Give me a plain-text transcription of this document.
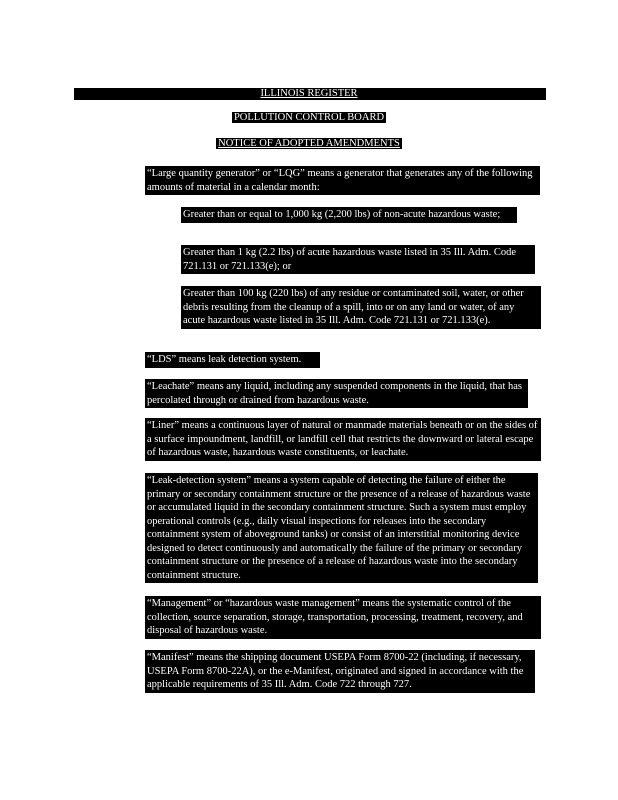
ILLINOIS REGISTER
POLLUTION CONTROL BOARD
NOTICE OF ADOPTED AMENDMENTS
“Large quantity generator” or “LQG” means a generator that generates any of the following amounts of material in a calendar month:
Greater than or equal to 1,000 kg (2,200 lbs) of non-acute hazardous waste;
Greater than 1 kg (2.2 lbs) of acute hazardous waste listed in 35 Ill. Adm. Code 721.131 or 721.133(e); or
Greater than 100 kg (220 lbs) of any residue or contaminated soil, water, or other debris resulting from the cleanup of a spill, into or on any land or water, of any acute hazardous waste listed in 35 Ill. Adm. Code 721.131 or 721.133(e).
“LDS” means leak detection system.
“Leachate” means any liquid, including any suspended components in the liquid, that has percolated through or drained from hazardous waste.
“Liner” means a continuous layer of natural or manmade materials beneath or on the sides of a surface impoundment, landfill, or landfill cell that restricts the downward or lateral escape of hazardous waste, hazardous waste constituents, or leachate.
“Leak-detection system” means a system capable of detecting the failure of either the primary or secondary containment structure or the presence of a release of hazardous waste or accumulated liquid in the secondary containment structure. Such a system must employ operational controls (e.g., daily visual inspections for releases into the secondary containment system of aboveground tanks) or consist of an interstitial monitoring device designed to detect continuously and automatically the failure of the primary or secondary containment structure or the presence of a release of hazardous waste into the secondary containment structure.
“Management” or “hazardous waste management” means the systematic control of the collection, source separation, storage, transportation, processing, treatment, recovery, and disposal of hazardous waste.
“Manifest” means the shipping document USEPA Form 8700-22 (including, if necessary, USEPA Form 8700-22A), or the e-Manifest, originated and signed in accordance with the applicable requirements of 35 Ill. Adm. Code 722 through 727.
